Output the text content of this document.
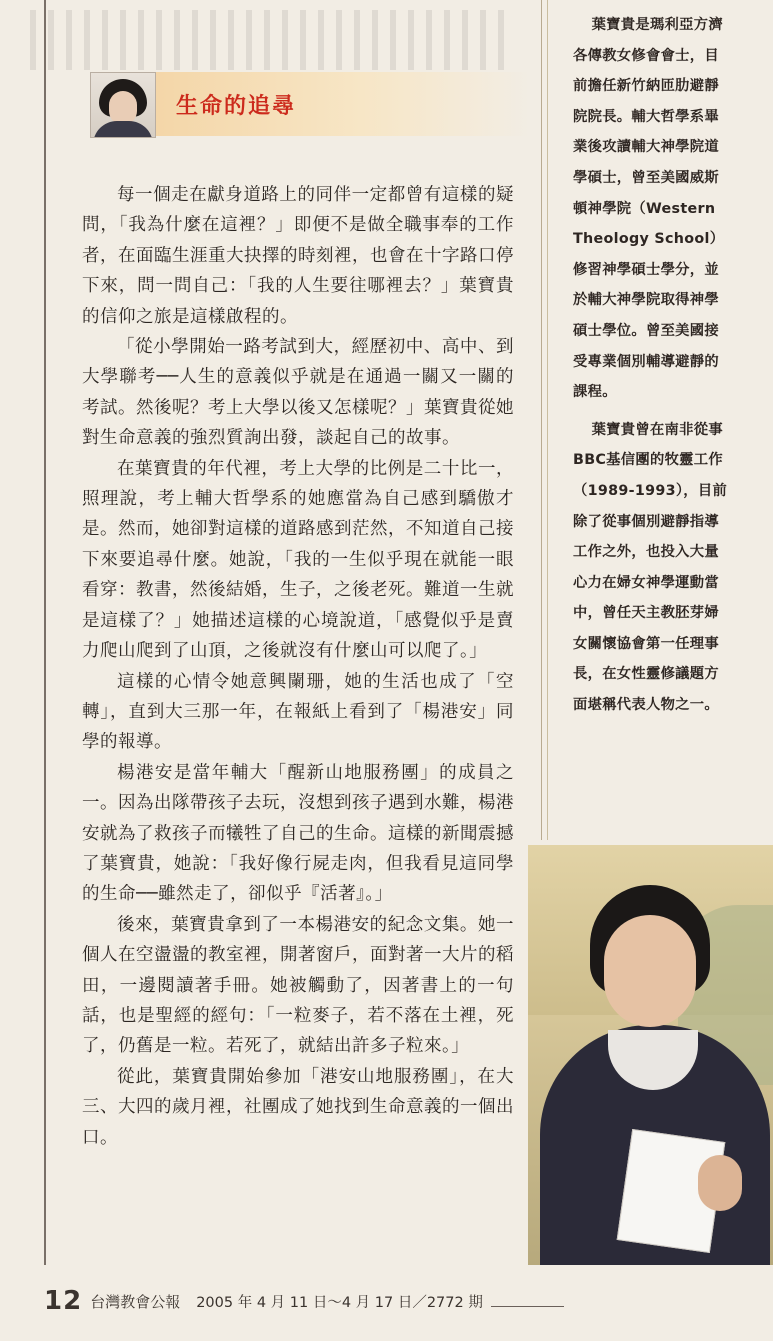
生命的追尋

每一個走在獻身道路上的同伴一定都曾有這樣的疑問，「我為什麼在這裡？」即便不是做全職事奉的工作者，在面臨生涯重大抉擇的時刻裡，也會在十字路口停下來，問一問自己：「我的人生要往哪裡去？」葉寶貴的信仰之旅是這樣啟程的。

「從小學開始一路考試到大，經歷初中、高中、到大學聯考──人生的意義似乎就是在通過一關又一關的考試。然後呢？考上大學以後又怎樣呢？」葉寶貴從她對生命意義的強烈質詢出發，談起自己的故事。

在葉寶貴的年代裡，考上大學的比例是二十比一，照理說，考上輔大哲學系的她應當為自己感到驕傲才是。然而，她卻對這樣的道路感到茫然，不知道自己接下來要追尋什麼。她說，「我的一生似乎現在就能一眼看穿：教書，然後結婚，生子，之後老死。難道一生就是這樣了？」她描述這樣的心境說道，「感覺似乎是賣力爬山爬到了山頂，之後就沒有什麼山可以爬了。」

這樣的心情令她意興闌珊，她的生活也成了「空轉」，直到大三那一年，在報紙上看到了「楊港安」同學的報導。

楊港安是當年輔大「醒新山地服務團」的成員之一。因為出隊帶孩子去玩，沒想到孩子遇到水難，楊港安就為了救孩子而犧牲了自己的生命。這樣的新聞震撼了葉寶貴，她說：「我好像行屍走肉，但我看見這同學的生命──雖然走了，卻似乎『活著』。」

後來，葉寶貴拿到了一本楊港安的紀念文集。她一個人在空盪盪的教室裡，開著窗戶，面對著一大片的稻田，一邊閱讀著手冊。她被觸動了，因著書上的一句話，也是聖經的經句：「一粒麥子，若不落在土裡，死了，仍舊是一粒。若死了，就結出許多子粒來。」

從此，葉寶貴開始參加「港安山地服務團」，在大三、大四的歲月裡，社團成了她找到生命意義的一個出口。

葉寶貴是瑪利亞方濟各傳教女修會會士，目前擔任新竹納匝肋避靜院院長。輔大哲學系畢業後攻讀輔大神學院道學碩士，曾至美國威斯頓神學院（Western Theology School）修習神學碩士學分，並於輔大神學院取得神學碩士學位。曾至美國接受專業個別輔導避靜的課程。

葉寶貴曾在南非從事BBC基信團的牧靈工作（1989-1993），目前除了從事個別避靜指導工作之外，也投入大量心力在婦女神學運動當中，曾任天主教胚芽婦女關懷協會第一任理事長，在女性靈修議題方面堪稱代表人物之一。

12 台灣教會公報 2005 年 4 月 11 日～4 月 17 日／2772 期
